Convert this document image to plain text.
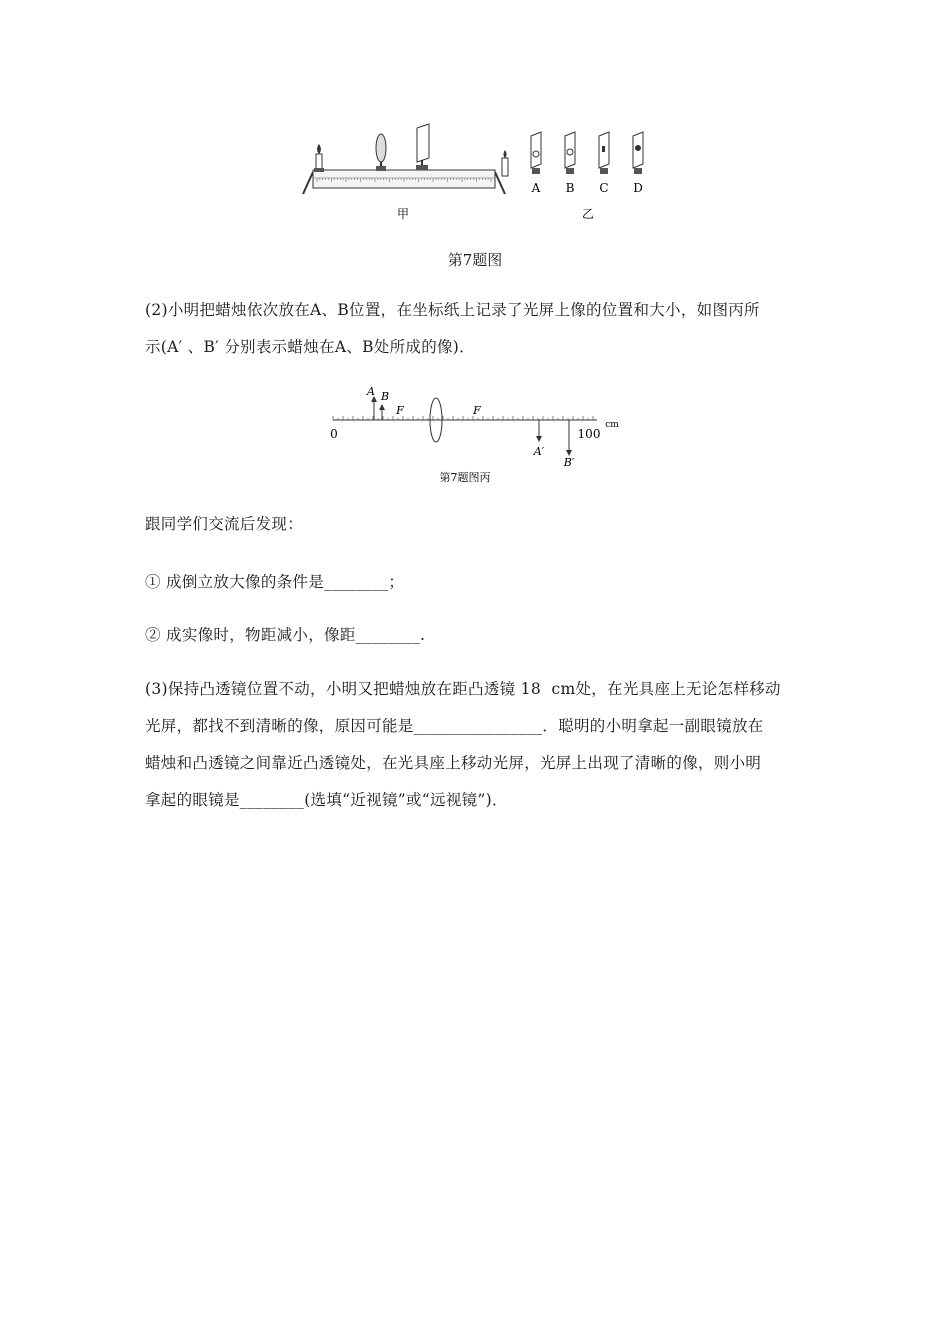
A B C D
甲	乙
第7题图
(2)小明把蜡烛依次放在A、B位置，在坐标纸上记录了光屏上像的位置和大小，如图丙所
示(A′ 、B′ 分别表示蜡烛在A、B处所成的像)．
A B
F	F
0	100
cm
A′
B′
第7题图丙
跟同学们交流后发现：
① 成倒立放大像的条件是________；
② 成实像时，物距减小，像距________.
(3)保持凸透镜位置不动，小明又把蜡烛放在距凸透镜 18  cm处，在光具座上无论怎样移动
光屏，都找不到清晰的像，原因可能是________________．聪明的小明拿起一副眼镜放在
蜡烛和凸透镜之间靠近凸透镜处，在光具座上移动光屏，光屏上出现了清晰的像，则小明
拿起的眼镜是________(选填“近视镜”或“远视镜”)．
